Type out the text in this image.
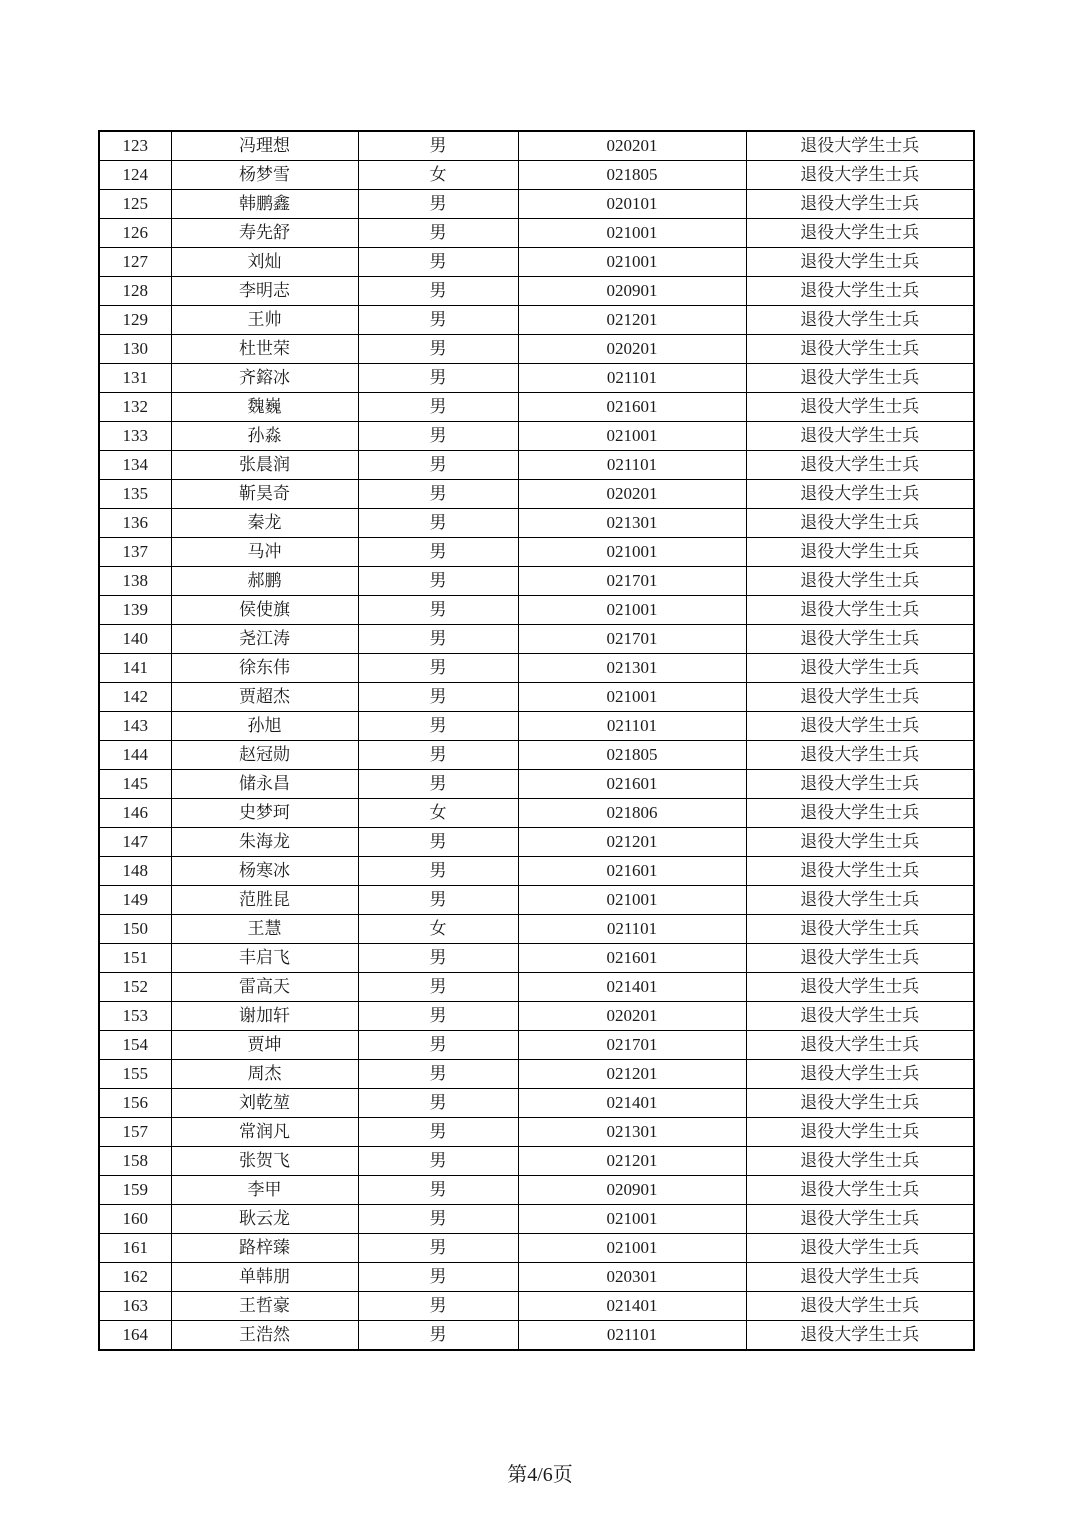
123	冯理想	男	020201	退役大学生士兵
124	杨梦雪	女	021805	退役大学生士兵
125	韩鹏鑫	男	020101	退役大学生士兵
126	寿先舒	男	021001	退役大学生士兵
127	刘灿	男	021001	退役大学生士兵
128	李明志	男	020901	退役大学生士兵
129	王帅	男	021201	退役大学生士兵
130	杜世荣	男	020201	退役大学生士兵
131	齐鎔冰	男	021101	退役大学生士兵
132	魏巍	男	021601	退役大学生士兵
133	孙淼	男	021001	退役大学生士兵
134	张晨润	男	021101	退役大学生士兵
135	靳昊奇	男	020201	退役大学生士兵
136	秦龙	男	021301	退役大学生士兵
137	马冲	男	021001	退役大学生士兵
138	郝鹏	男	021701	退役大学生士兵
139	侯使旗	男	021001	退役大学生士兵
140	尧江涛	男	021701	退役大学生士兵
141	徐东伟	男	021301	退役大学生士兵
142	贾超杰	男	021001	退役大学生士兵
143	孙旭	男	021101	退役大学生士兵
144	赵冠勋	男	021805	退役大学生士兵
145	储永昌	男	021601	退役大学生士兵
146	史梦珂	女	021806	退役大学生士兵
147	朱海龙	男	021201	退役大学生士兵
148	杨寒冰	男	021601	退役大学生士兵
149	范胜昆	男	021001	退役大学生士兵
150	王慧	女	021101	退役大学生士兵
151	丰启飞	男	021601	退役大学生士兵
152	雷高天	男	021401	退役大学生士兵
153	谢加轩	男	020201	退役大学生士兵
154	贾坤	男	021701	退役大学生士兵
155	周杰	男	021201	退役大学生士兵
156	刘乾堃	男	021401	退役大学生士兵
157	常润凡	男	021301	退役大学生士兵
158	张贺飞	男	021201	退役大学生士兵
159	李甲	男	020901	退役大学生士兵
160	耿云龙	男	021001	退役大学生士兵
161	路梓臻	男	021001	退役大学生士兵
162	单韩朋	男	020301	退役大学生士兵
163	王哲豪	男	021401	退役大学生士兵
164	王浩然	男	021101	退役大学生士兵
第4/6页
